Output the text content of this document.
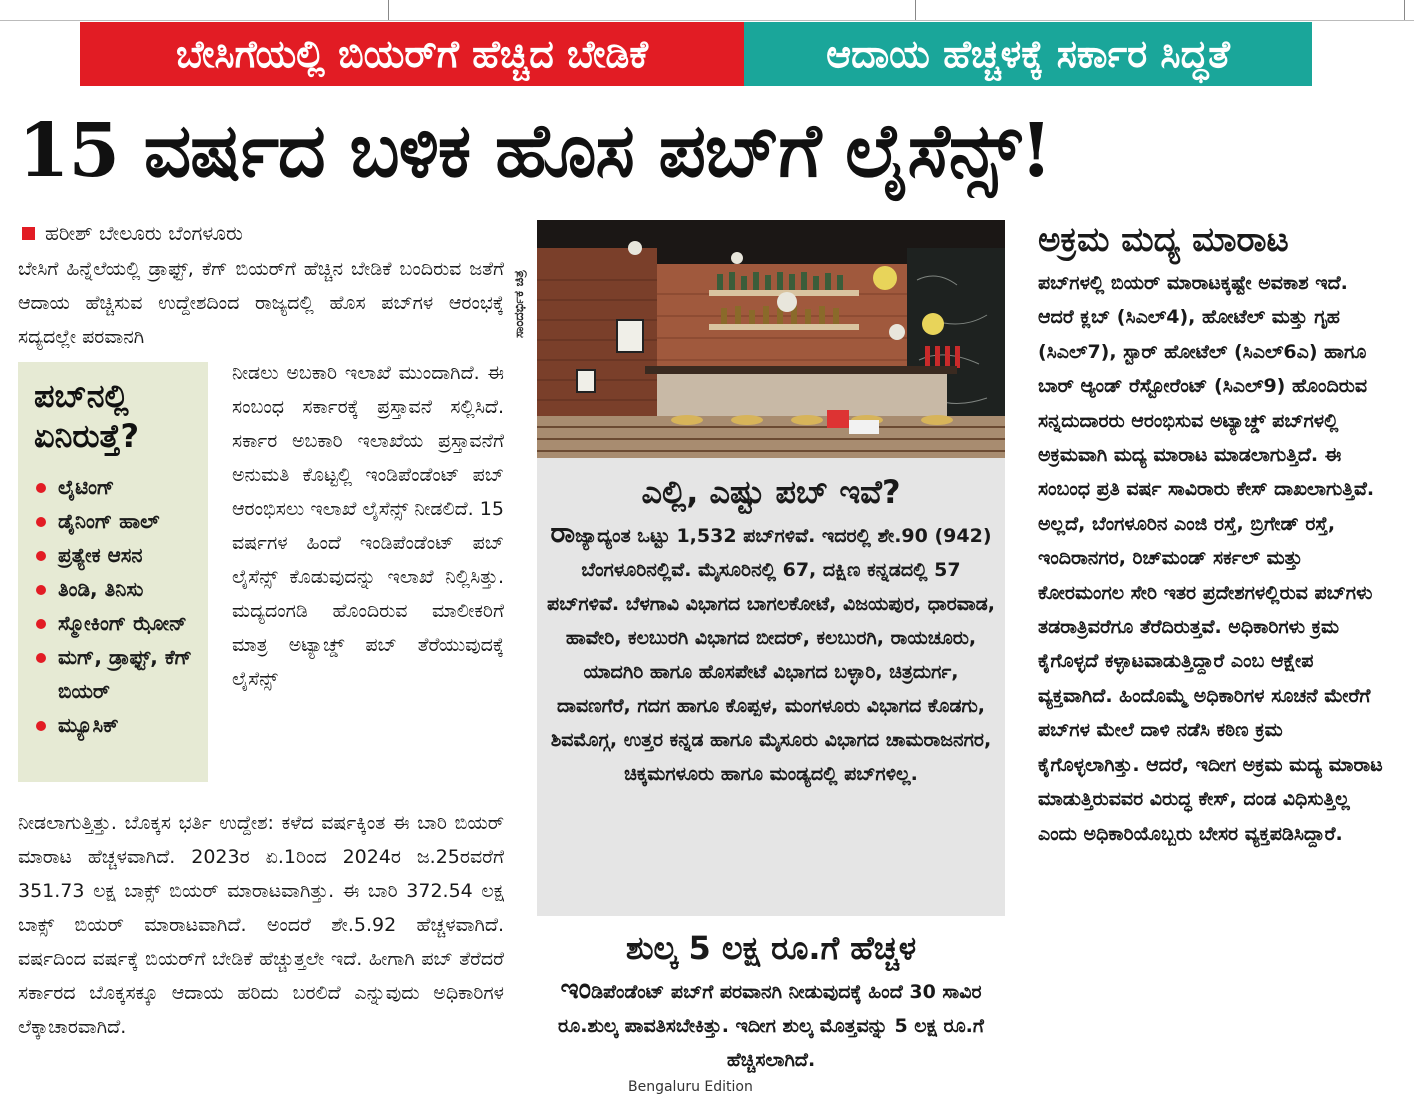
ಬೇಸಿಗೆಯಲ್ಲಿ ಬಿಯರ್‌ಗೆ ಹೆಚ್ಚಿದ ಬೇಡಿಕೆ	ಆದಾಯ ಹೆಚ್ಚಳಕ್ಕೆ ಸರ್ಕಾರ ಸಿದ್ಧತೆ
15 ವರ್ಷದ ಬಳಿಕ ಹೊಸ ಪಬ್‌ಗೆ ಲೈಸೆನ್ಸ್!
ಹರೀಶ್ ಬೇಲೂರು ಬೆಂಗಳೂರು
ಬೇಸಿಗೆ ಹಿನ್ನೆಲೆಯಲ್ಲಿ ಡ್ರಾಫ್ಟ್, ಕೆಗ್ ಬಿಯರ್‌ಗೆ ಹೆಚ್ಚಿನ ಬೇಡಿಕೆ ಬಂದಿರುವ ಜತೆಗೆ ಆದಾಯ ಹೆಚ್ಚಿಸುವ ಉದ್ದೇಶದಿಂದ ರಾಜ್ಯದಲ್ಲಿ ಹೊಸ ಪಬ್‌ಗಳ ಆರಂಭಕ್ಕೆ ಸದ್ಯದಲ್ಲೇ ಪರವಾನಗಿ
ನೀಡಲು ಅಬಕಾರಿ ಇಲಾಖೆ ಮುಂದಾಗಿದೆ. ಈ ಸಂಬಂಧ ಸರ್ಕಾರಕ್ಕೆ ಪ್ರಸ್ತಾವನೆ ಸಲ್ಲಿಸಿದೆ. ಸರ್ಕಾರ ಅಬಕಾರಿ ಇಲಾಖೆಯ ಪ್ರಸ್ತಾವನೆಗೆ ಅನುಮತಿ ಕೊಟ್ಟಲ್ಲಿ ಇಂಡಿಪೆಂಡೆಂಟ್ ಪಬ್ ಆರಂಭಿಸಲು ಇಲಾಖೆ ಲೈಸೆನ್ಸ್ ನೀಡಲಿದೆ. 15 ವರ್ಷಗಳ ಹಿಂದೆ ಇಂಡಿಪೆಂಡೆಂಟ್ ಪಬ್ ಲೈಸೆನ್ಸ್ ಕೊಡುವುದನ್ನು ಇಲಾಖೆ ನಿಲ್ಲಿಸಿತ್ತು. ಮದ್ಯದಂಗಡಿ ಹೊಂದಿರುವ ಮಾಲೀಕರಿಗೆ ಮಾತ್ರ ಅಟ್ಯಾಚ್ಡ್ ಪಬ್ ತೆರೆಯುವುದಕ್ಕೆ ಲೈಸೆನ್ಸ್
ನೀಡಲಾಗುತ್ತಿತ್ತು. ಬೊಕ್ಕಸ ಭರ್ತಿ ಉದ್ದೇಶ: ಕಳೆದ ವರ್ಷಕ್ಕಿಂತ ಈ ಬಾರಿ ಬಿಯರ್ ಮಾರಾಟ ಹೆಚ್ಚಳವಾಗಿದೆ. 2023ರ ಏ.1ರಿಂದ 2024ರ ಜ.25ರವರೆಗೆ 351.73 ಲಕ್ಷ ಬಾಕ್ಸ್ ಬಿಯರ್ ಮಾರಾಟವಾಗಿತ್ತು. ಈ ಬಾರಿ 372.54 ಲಕ್ಷ ಬಾಕ್ಸ್ ಬಿಯರ್ ಮಾರಾಟವಾಗಿದೆ. ಅಂದರೆ ಶೇ.5.92 ಹೆಚ್ಚಳವಾಗಿದೆ. ವರ್ಷದಿಂದ ವರ್ಷಕ್ಕೆ ಬಿಯರ್‌ಗೆ ಬೇಡಿಕೆ ಹೆಚ್ಚುತ್ತಲೇ ಇದೆ. ಹೀಗಾಗಿ ಪಬ್ ತೆರೆದರೆ ಸರ್ಕಾರದ ಬೊಕ್ಕಸಕ್ಕೂ ಆದಾಯ ಹರಿದು ಬರಲಿದೆ ಎನ್ನುವುದು ಅಧಿಕಾರಿಗಳ ಲೆಕ್ಕಾಚಾರವಾಗಿದೆ.
ಪಬ್‌ನಲ್ಲಿ ಏನಿರುತ್ತೆ?
ಲೈಟಿಂಗ್
ಡೈನಿಂಗ್ ಹಾಲ್
ಪ್ರತ್ಯೇಕ ಆಸನ
ತಿಂಡಿ, ತಿನಿಸು
ಸ್ಮೋಕಿಂಗ್ ಝೋನ್
ಮಗ್, ಡ್ರಾಫ್ಟ್, ಕೆಗ್ ಬಿಯರ್
ಮ್ಯೂಸಿಕ್
ಸಾಂದರ್ಭಿಕ ಚಿತ್ರ
ಎಲ್ಲಿ, ಎಷ್ಟು ಪಬ್ ಇವೆ?

ರಾಜ್ಯಾದ್ಯಂತ ಒಟ್ಟು 1,532 ಪಬ್‌ಗಳಿವೆ. ಇದರಲ್ಲಿ ಶೇ.90 (942) ಬೆಂಗಳೂರಿನಲ್ಲಿವೆ. ಮೈಸೂರಿನಲ್ಲಿ 67, ದಕ್ಷಿಣ ಕನ್ನಡದಲ್ಲಿ 57 ಪಬ್‌ಗಳಿವೆ. ಬೆಳಗಾವಿ ವಿಭಾಗದ ಬಾಗಲಕೋಟೆ, ವಿಜಯಪುರ, ಧಾರವಾಡ, ಹಾವೇರಿ, ಕಲಬುರಗಿ ವಿಭಾಗದ ಬೀದರ್, ಕಲಬುರಗಿ, ರಾಯಚೂರು, ಯಾದಗಿರಿ ಹಾಗೂ ಹೊಸಪೇಟೆ ವಿಭಾಗದ ಬಳ್ಳಾರಿ, ಚಿತ್ರದುರ್ಗ, ದಾವಣಗೆರೆ, ಗದಗ ಹಾಗೂ ಕೊಪ್ಪಳ, ಮಂಗಳೂರು ವಿಭಾಗದ ಕೊಡಗು, ಶಿವಮೊಗ್ಗ, ಉತ್ತರ ಕನ್ನಡ ಹಾಗೂ ಮೈಸೂರು ವಿಭಾಗದ ಚಾಮರಾಜನಗರ, ಚಿಕ್ಕಮಗಳೂರು ಹಾಗೂ ಮಂಡ್ಯದಲ್ಲಿ ಪಬ್‌ಗಳಿಲ್ಲ.

ಶುಲ್ಕ 5 ಲಕ್ಷ ರೂ.ಗೆ ಹೆಚ್ಚಳ
ಇಂಡಿಪೆಂಡೆಂಟ್ ಪಬ್‌ಗೆ ಪರವಾನಗಿ ನೀಡುವುದಕ್ಕೆ ಹಿಂದೆ 30 ಸಾವಿರ ರೂ.ಶುಲ್ಕ ಪಾವತಿಸಬೇಕಿತ್ತು. ಇದೀಗ ಶುಲ್ಕ ಮೊತ್ತವನ್ನು 5 ಲಕ್ಷ ರೂ.ಗೆ ಹೆಚ್ಚಿಸಲಾಗಿದೆ.
ಅಕ್ರಮ ಮದ್ಯ ಮಾರಾಟ
ಪಬ್‌ಗಳಲ್ಲಿ ಬಿಯರ್ ಮಾರಾಟಕ್ಕಷ್ಟೇ ಅವಕಾಶ ಇದೆ. ಆದರೆ ಕ್ಲಬ್ (ಸಿಎಲ್4), ಹೋಟೆಲ್ ಮತ್ತು ಗೃಹ (ಸಿಎಲ್7), ಸ್ಟಾರ್ ಹೋಟೆಲ್ (ಸಿಎಲ್6ಎ) ಹಾಗೂ ಬಾರ್ ಆ್ಯಂಡ್ ರೆಸ್ಟೋರೆಂಟ್ (ಸಿಎಲ್9) ಹೊಂದಿರುವ ಸನ್ನದುದಾರರು ಆರಂಭಿಸುವ ಅಟ್ಯಾಚ್ಡ್ ಪಬ್‌ಗಳಲ್ಲಿ ಅಕ್ರಮವಾಗಿ ಮದ್ಯ ಮಾರಾಟ ಮಾಡಲಾಗುತ್ತಿದೆ. ಈ ಸಂಬಂಧ ಪ್ರತಿ ವರ್ಷ ಸಾವಿರಾರು ಕೇಸ್ ದಾಖಲಾಗುತ್ತಿವೆ. ಅಲ್ಲದೆ, ಬೆಂಗಳೂರಿನ ಎಂಜಿ ರಸ್ತೆ, ಬ್ರಿಗೇಡ್ ರಸ್ತೆ, ಇಂದಿರಾನಗರ, ರಿಚ್‌ಮಂಡ್ ಸರ್ಕಲ್ ಮತ್ತು ಕೋರಮಂಗಲ ಸೇರಿ ಇತರ ಪ್ರದೇಶಗಳಲ್ಲಿರುವ ಪಬ್‌ಗಳು ತಡರಾತ್ರಿವರೆಗೂ ತೆರೆದಿರುತ್ತವೆ. ಅಧಿಕಾರಿಗಳು ಕ್ರಮ ಕೈಗೊಳ್ಳದೆ ಕಳ್ಳಾಟವಾಡುತ್ತಿದ್ದಾರೆ ಎಂಬ ಆಕ್ಷೇಪ ವ್ಯಕ್ತವಾಗಿದೆ. ಹಿಂದೊಮ್ಮೆ ಅಧಿಕಾರಿಗಳ ಸೂಚನೆ ಮೇರೆಗೆ ಪಬ್‌ಗಳ ಮೇಲೆ ದಾಳಿ ನಡೆಸಿ ಕಠಿಣ ಕ್ರಮ ಕೈಗೊಳ್ಳಲಾಗಿತ್ತು. ಆದರೆ, ಇದೀಗ ಅಕ್ರಮ ಮದ್ಯ ಮಾರಾಟ ಮಾಡುತ್ತಿರುವವರ ವಿರುದ್ಧ ಕೇಸ್, ದಂಡ ವಿಧಿಸುತ್ತಿಲ್ಲ ಎಂದು ಅಧಿಕಾರಿಯೊಬ್ಬರು ಬೇಸರ ವ್ಯಕ್ತಪಡಿಸಿದ್ದಾರೆ.
Bengaluru Edition
